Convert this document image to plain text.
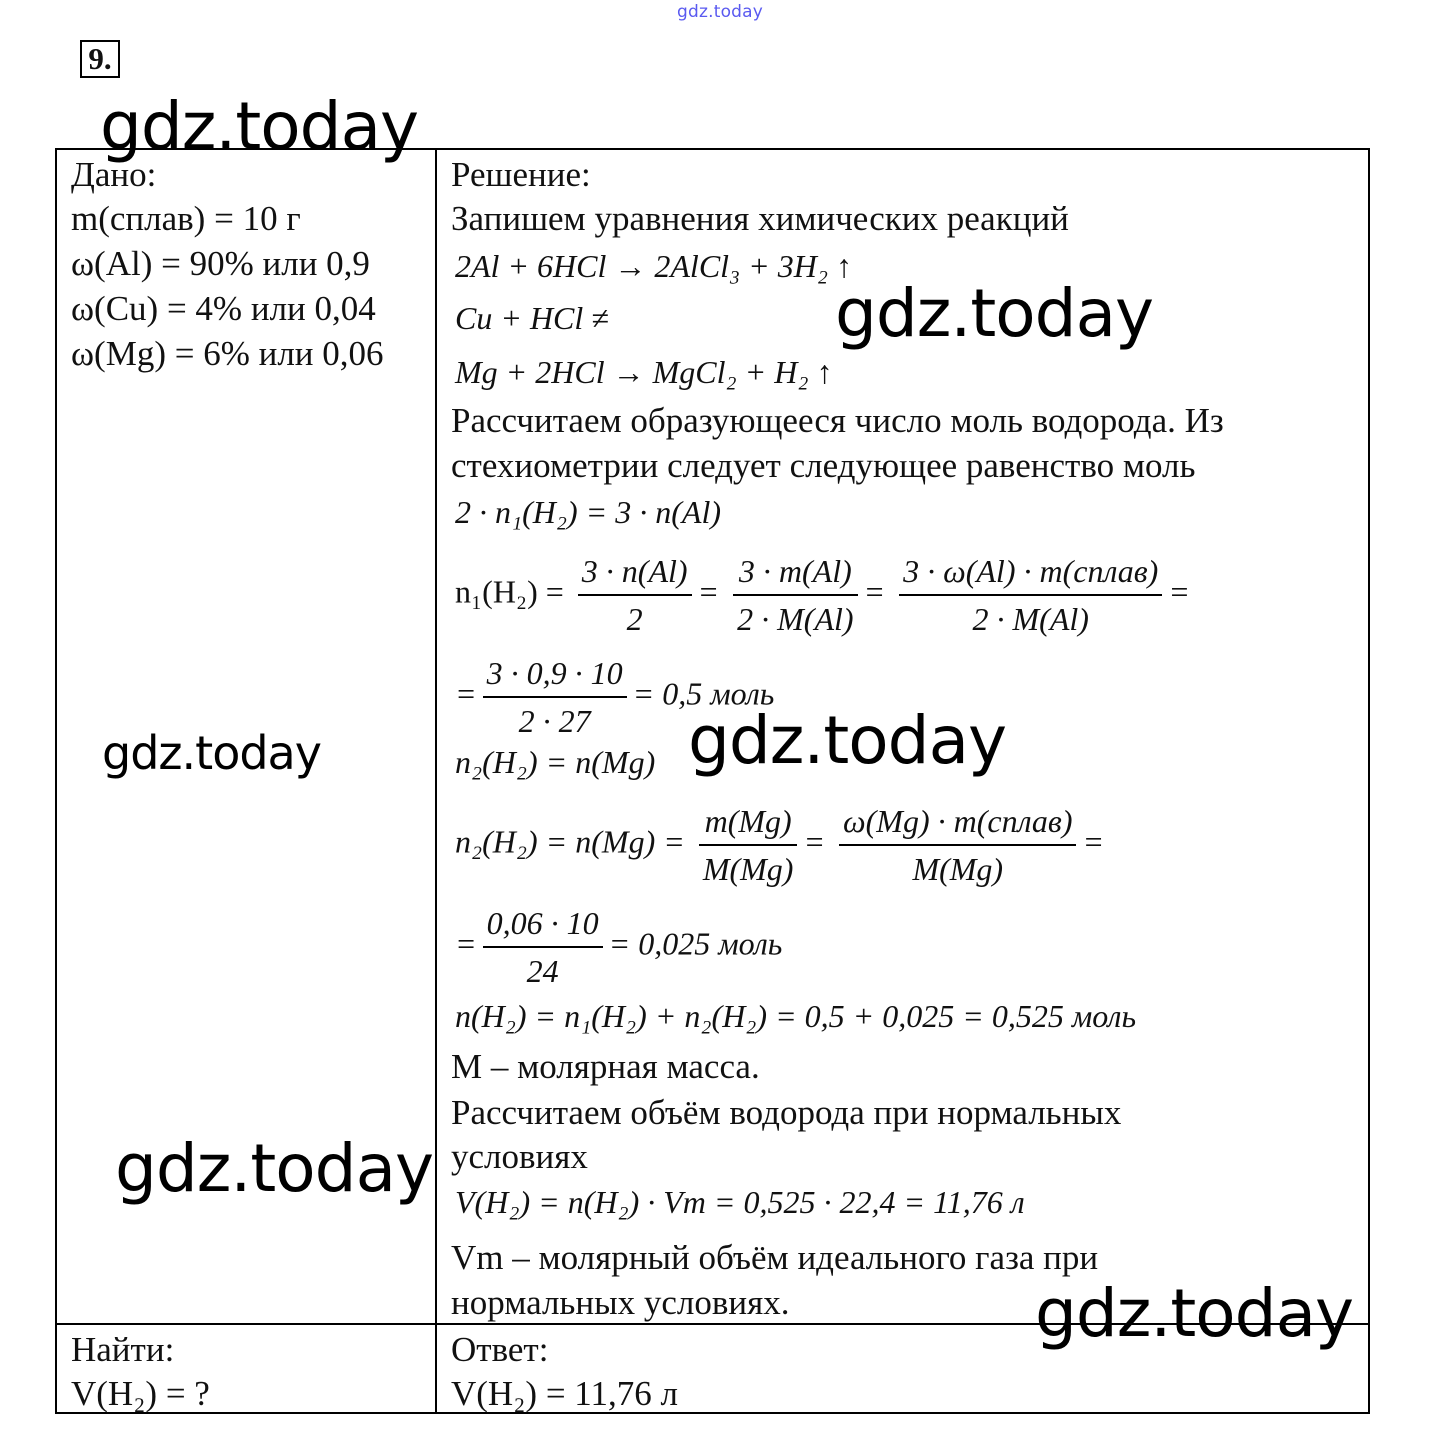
gdz.today
9.
Дано:
m(сплав) = 10 г
ω(Al) = 90% или 0,9
ω(Cu) = 4% или 0,04
ω(Mg) = 6% или 0,06
Найти:
V(H₂) = ?
Решение:
Запишем уравнения химических реакций
2Al + 6HCl → 2AlCl₃ + 3H₂ ↑
Cu + HCl ≠
Mg + 2HCl → MgCl₂ + H₂ ↑
Рассчитаем образующееся число моль водорода. Из
стехиометрии следует следующее равенство моль
2 · n₁(H₂) = 3 · n(Al)
$n_1(H_2) = \frac{3 \cdot n(Al)}{2} = \frac{3 \cdot m(Al)}{2 \cdot M(Al)} = \frac{\text{3 · ω(Al) · m(сплав)}}{2 \cdot M(Al)}$ =
= $\frac{3 \cdot 0,9 \cdot 10}{2 \cdot 27} = 0,5$ моль
n₂(H₂) = n(Mg)
$n_2(H_2) = n(Mg) = \frac{m(Mg)}{M(Mg)} = \frac{\text{ω(Mg) · m(сплав)}}{M(Mg)}$ =
= $\frac{0,06 \cdot 10}{24} = 0,025$ моль
n(H₂) = n₁(H₂) + n₂(H₂) = 0,5 + 0,025 = 0,525 моль
M – молярная масса.
Рассчитаем объём водорода при нормальных
условиях
V(H₂) = n(H₂) · Vm = 0,525 · 22,4 = 11,76 л
Vm – молярный объём идеального газа при
нормальных условиях.
Ответ:
V(H₂) = 11,76 л
gdz.today
gdz.today
gdz.today	gdz.today
gdz.today
gdz.today
